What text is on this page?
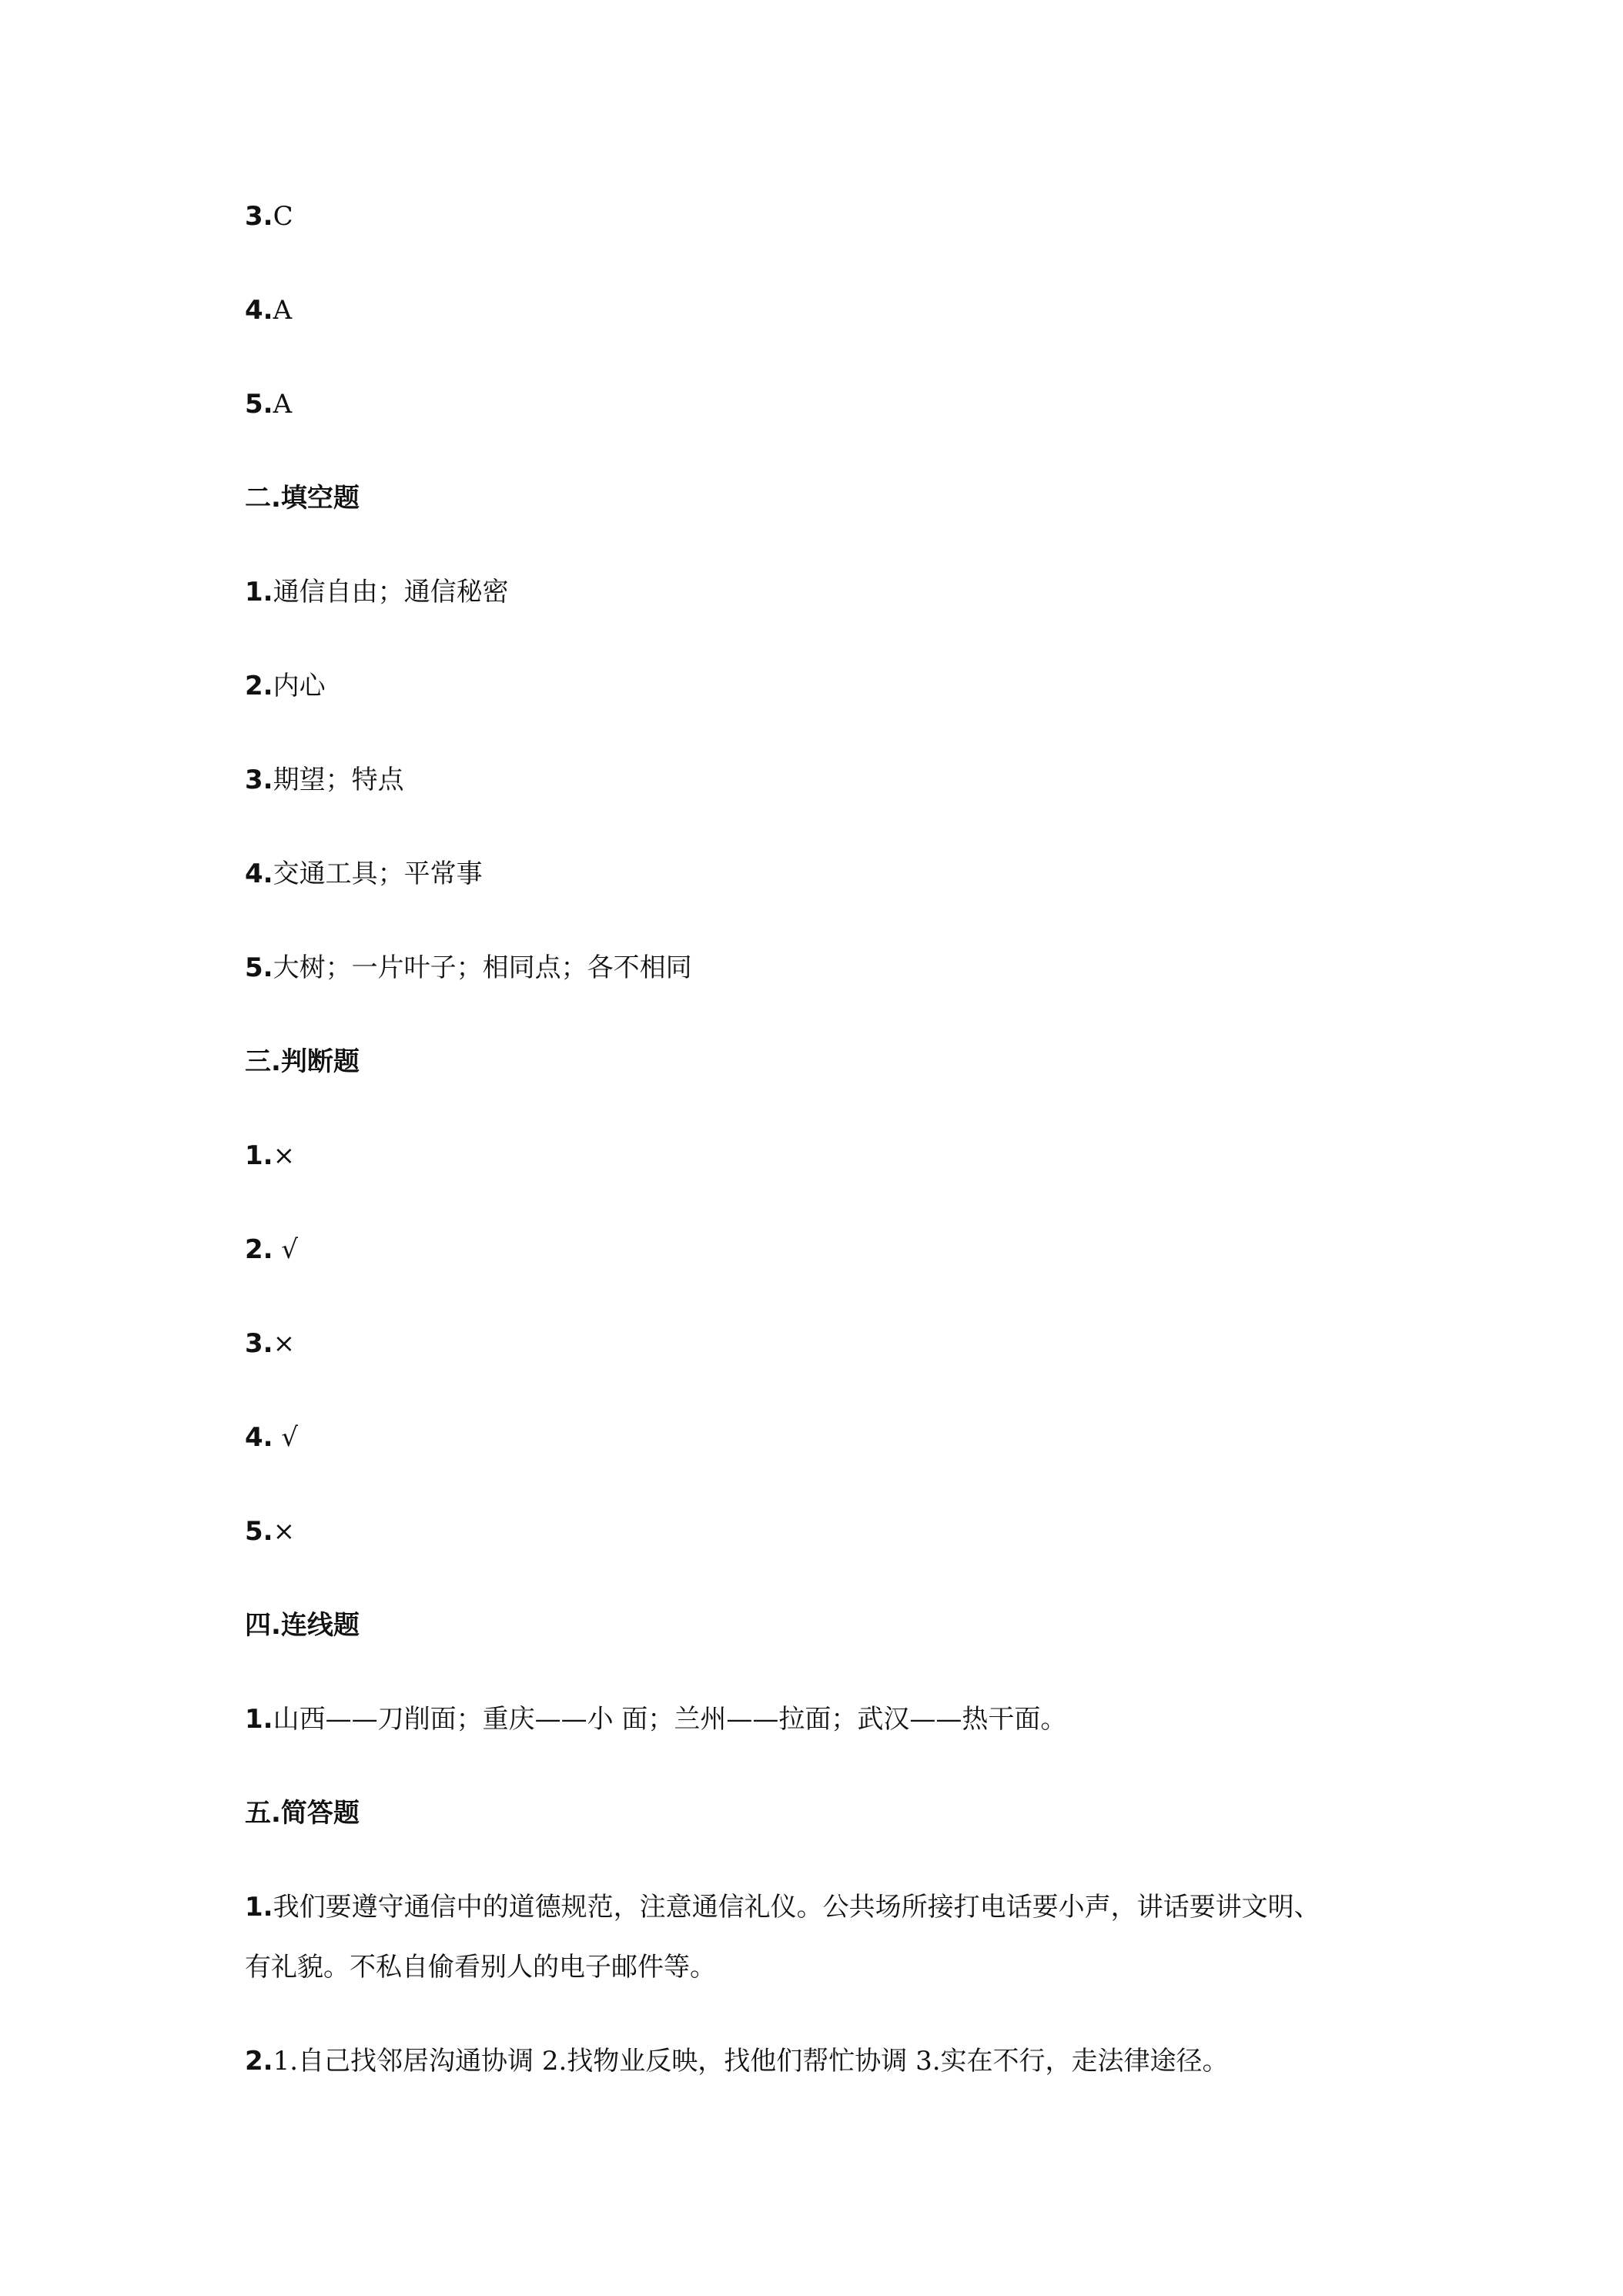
3.C
4.A
5.A
二.填空题
1.通信自由；通信秘密
2.内心
3.期望；特点
4.交通工具；平常事
5.大树；一片叶子；相同点；各不相同
三.判断题
1.×
2. √
3.×
4. √
5.×
四.连线题
1.山西——刀削面；重庆——小 面；兰州——拉面；武汉——热干面。
五.简答题
1.我们要遵守通信中的道德规范，注意通信礼仪。公共场所接打电话要小声，讲话要讲文明、
有礼貌。不私自偷看别人的电子邮件等。
2.1.自己找邻居沟通协调 2.找物业反映，找他们帮忙协调 3.实在不行，走法律途径。
